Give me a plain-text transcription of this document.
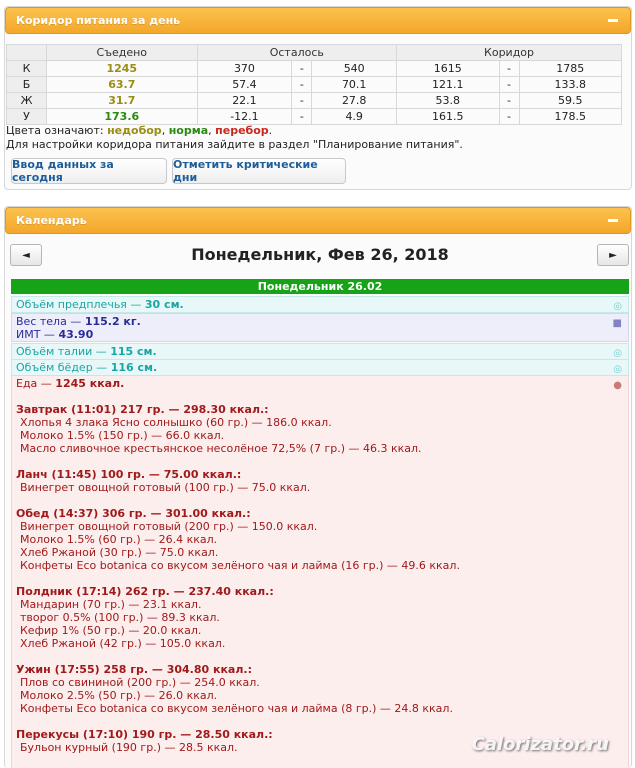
Коридор питания за день
	Съедено	Осталось			Коридор		
К	1245	370	-	540	1615	-	1785
Б	63.7	57.4	-	70.1	121.1	-	133.8
Ж	31.7	22.1	-	27.8	53.8	-	59.5
У	173.6	-12.1	-	4.9	161.5	-	178.5
Цвета означают: недобор, норма, перебор.
Для настройки коридора питания зайдите в раздел "Планирование питания".
Ввод данных за сегодня
Отметить критические дни
Календарь
◄	Понедельник, Фев 26, 2018	►
Понедельник 26.02
Объём предплечья — 30 см.	◎
Вес тела — 115.2 кг.
ИМТ — 43.90
■
Объём талии — 115 см.	◎
Объём бёдер — 116 см.	◎
Еда — 1245 ккал.	●
Завтрак (11:01) 217 гр. — 298.30 ккал.:
Хлопья 4 злака Ясно солнышко (60 гр.) — 186.0 ккал.
Молоко 1.5% (150 гр.) — 66.0 ккал.
Масло сливочное крестьянское несолёное 72,5% (7 гр.) — 46.3 ккал.
Ланч (11:45) 100 гр. — 75.00 ккал.:
Винегрет овощной готовый (100 гр.) — 75.0 ккал.
Обед (14:37) 306 гр. — 301.00 ккал.:
Винегрет овощной готовый (200 гр.) — 150.0 ккал.
Молоко 1.5% (60 гр.) — 26.4 ккал.
Хлеб Ржаной (30 гр.) — 75.0 ккал.
Конфеты Eco botanica со вкусом зелёного чая и лайма (16 гр.) — 49.6 ккал.
Полдник (17:14) 262 гр. — 237.40 ккал.:
Мандарин (70 гр.) — 23.1 ккал.
творог 0.5% (100 гр.) — 89.3 ккал.
Кефир 1% (50 гр.) — 20.0 ккал.
Хлеб Ржаной (42 гр.) — 105.0 ккал.
Ужин (17:55) 258 гр. — 304.80 ккал.:
Плов со свининой (200 гр.) — 254.0 ккал.
Молоко 2.5% (50 гр.) — 26.0 ккал.
Конфеты Eco botanica со вкусом зелёного чая и лайма (8 гр.) — 24.8 ккал.
Перекусы (17:10) 190 гр. — 28.50 ккал.:
Бульон курный (190 гр.) — 28.5 ккал.	Calorizator.ru
